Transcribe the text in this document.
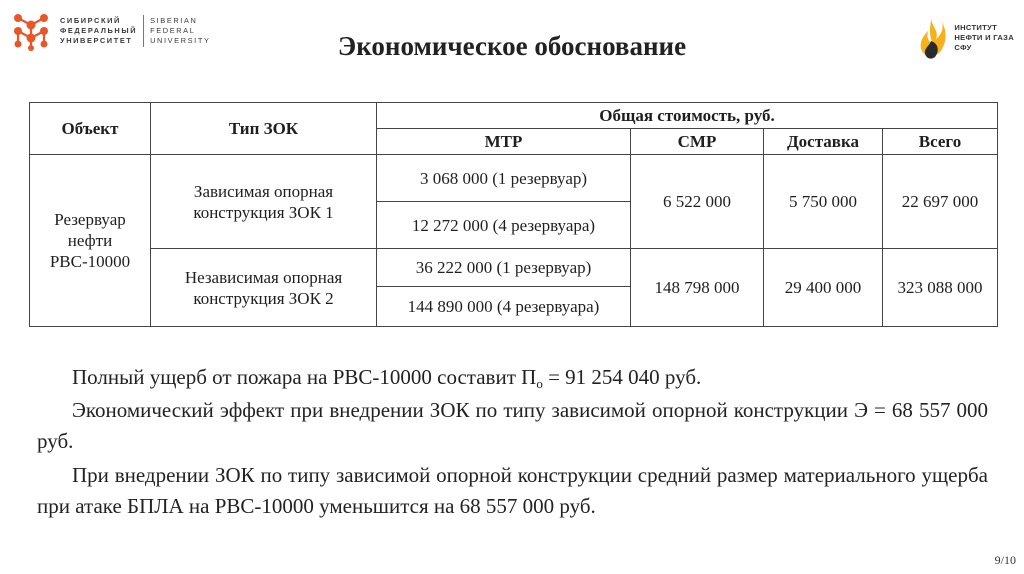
СИБИРСКИЙ
ФЕДЕРАЛЬНЫЙ
УНИВЕРСИТЕТ
SIBERIAN
FEDERAL
UNIVERSITY
ИНСТИТУТ
НЕФТИ И ГАЗА
СФУ
Экономическое обоснование
Объект	Тип ЗОК	Общая стоимость, руб.			
		МТР	СМР	Доставка	Всего
Резервуар нефти РВС-10000	Зависимая опорная конструкция ЗОК 1	3 068 000 (1 резервуар)	6 522 000	5 750 000	22 697 000
		12 272 000 (4 резервуара)			
	Независимая опорная конструкция ЗОК 2	36 222 000 (1 резервуар)	148 798 000	29 400 000	323 088 000
		144 890 000 (4 резервуара)			
Полный ущерб от пожара на РВС-10000 составит $П_о = 91$ 254 040 руб.
Экономический эффект при внедрении ЗОК по типу зависимой опорной конструкции Э = 68 557 000 руб.
При внедрении ЗОК по типу зависимой опорной конструкции средний размер материального ущерба при атаке БПЛА на РВС-10000 уменьшится на 68 557 000 руб.
9/10
